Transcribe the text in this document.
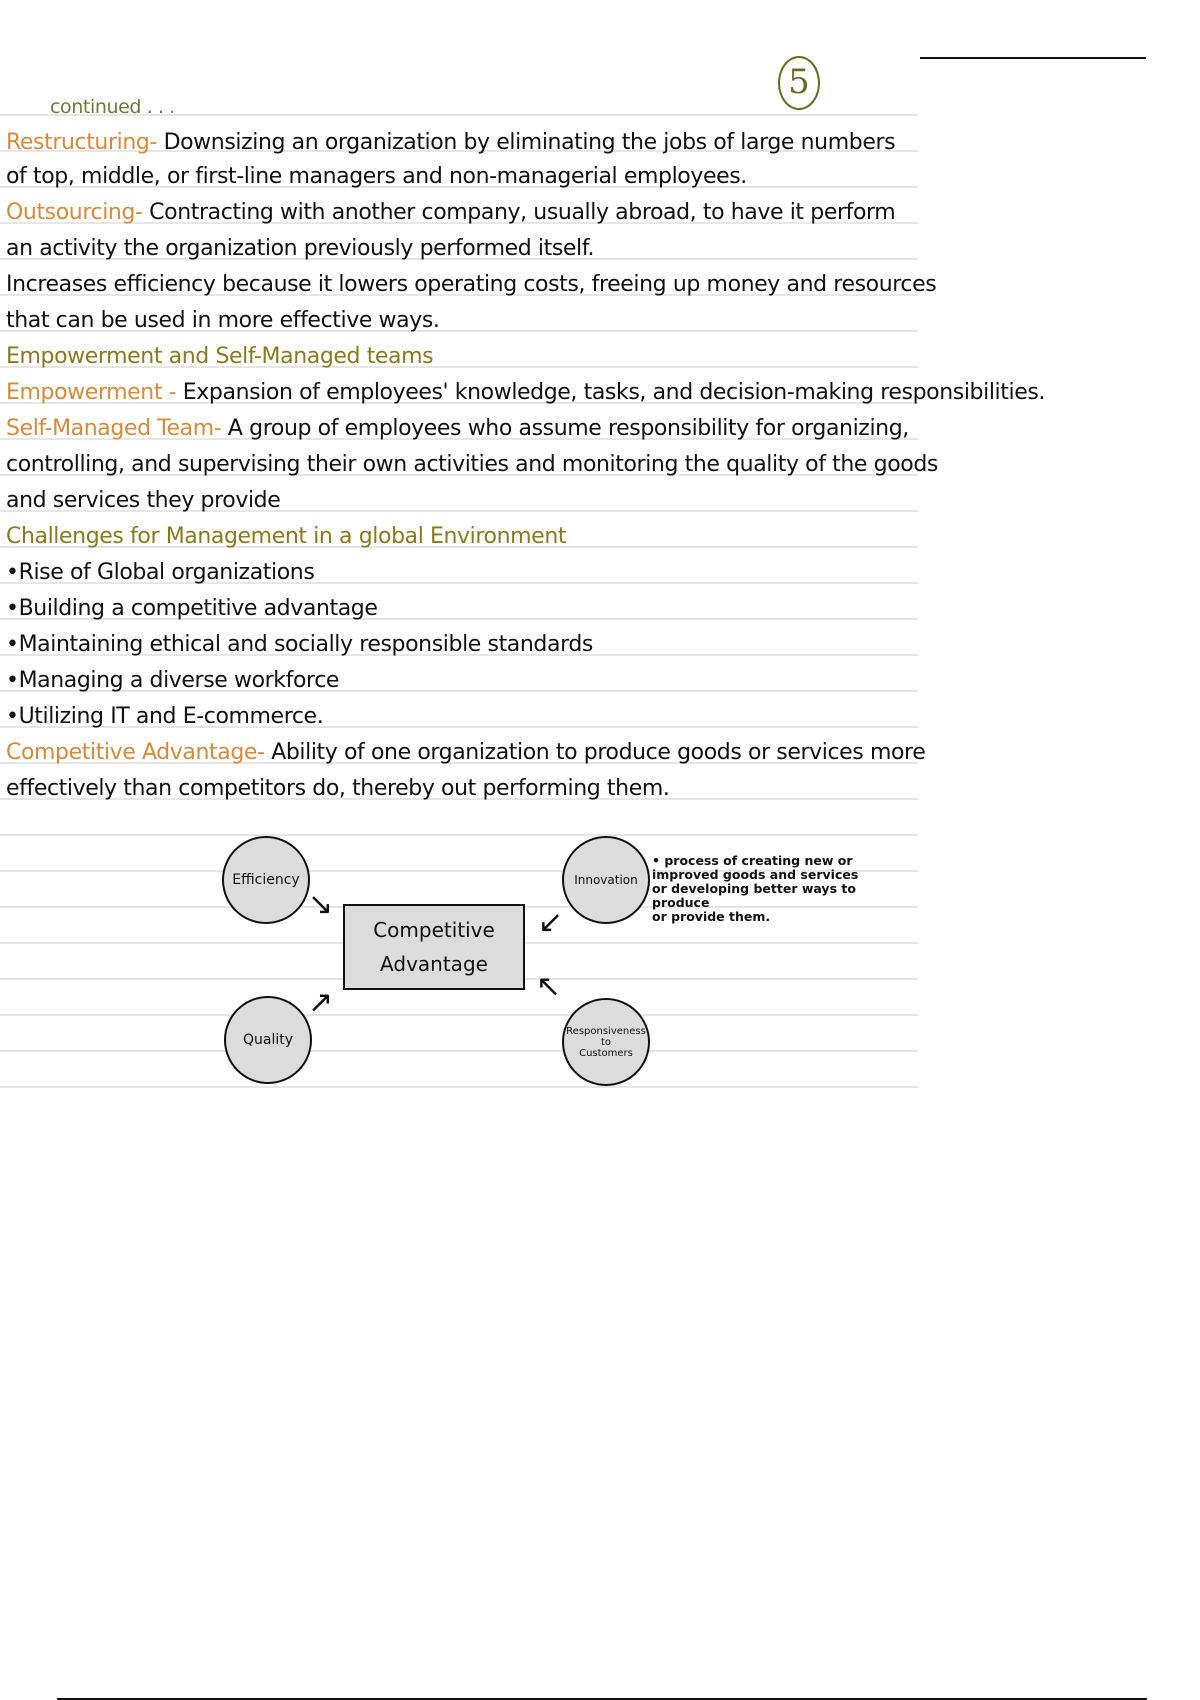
5
continued . . .
Restructuring- Downsizing an organization by eliminating the jobs of large numbers
of top, middle, or first-line managers and non-managerial employees.
Outsourcing- Contracting with another company, usually abroad, to have it perform
an activity the organization previously performed itself.
Increases efficiency because it lowers operating costs, freeing up money and resources
that can be used in more effective ways.
Empowerment and Self-Managed teams
Empowerment - Expansion of employees' knowledge, tasks, and decision-making responsibilities.
Self-Managed Team- A group of employees who assume responsibility for organizing,
controlling, and supervising their own activities and monitoring the quality of the goods
and services they provide
Challenges for Management in a global Environment
•Rise of Global organizations
•Building a competitive advantage
•Maintaining ethical and socially responsible standards
•Managing a diverse workforce
•Utilizing IT and E-commerce.
Competitive Advantage- Ability of one organization to produce goods or services more
effectively than competitors do, thereby out performing them.
Efficiency
Quality
Innovation
Responsiveness
to
Customers
Competitive
Advantage
↘
↗
↙
↖
• process of creating new or
improved goods and services
or developing better ways to produce
or provide them.
